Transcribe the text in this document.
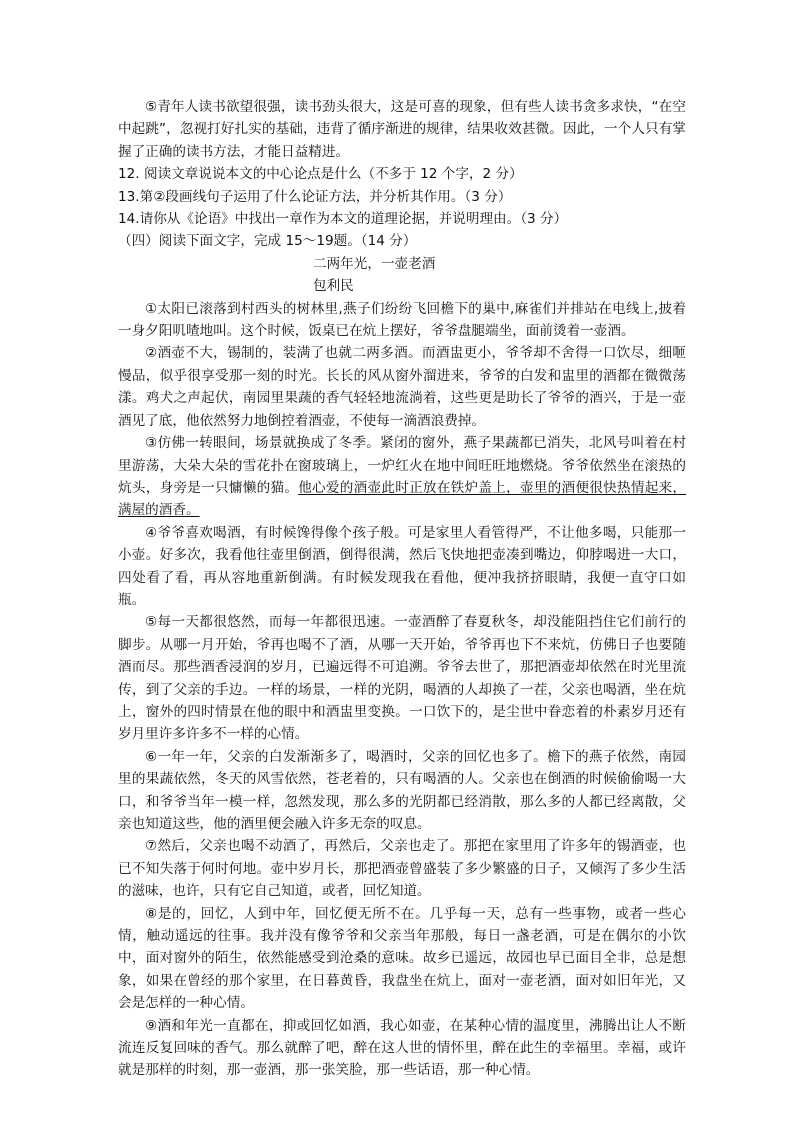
⑤青年人读书欲望很强，读书劲头很大，这是可喜的现象，但有些人读书贪多求快，“在空中起跳”，忽视打好扎实的基础，违背了循序渐进的规律，结果收效甚微。因此，一个人只有掌握了正确的读书方法，才能日益精进。

12. 阅读文章说说本文的中心论点是什么（不多于 12 个字，2 分）

13.第②段画线句子运用了什么论证方法，并分析其作用。（3 分）

14.请你从《论语》中找出一章作为本文的道理论据，并说明理由。（3 分）

（四）阅读下面文字，完成 15～19题。（14 分）

二两年光，一壶老酒

包利民

①太阳已滚落到村西头的树林里,燕子们纷纷飞回檐下的巢中,麻雀们并排站在电线上,披着一身夕阳叽喳地叫。这个时候，饭桌已在炕上摆好，爷爷盘腿端坐，面前烫着一壶酒。

②酒壶不大，锡制的，装满了也就二两多酒。而酒盅更小，爷爷却不舍得一口饮尽，细咂慢品，似乎很享受那一刻的时光。长长的风从窗外溜进来，爷爷的白发和盅里的酒都在微微荡漾。鸡犬之声起伏，南园里果蔬的香气轻轻地流淌着，这些更是助长了爷爷的酒兴，于是一壶酒见了底，他依然努力地倒控着酒壶，不使每一滴酒浪费掉。

③仿佛一转眼间，场景就换成了冬季。紧闭的窗外，燕子果蔬都已消失，北风号叫着在村里游荡，大朵大朵的雪花扑在窗玻璃上，一炉红火在地中间旺旺地燃烧。爷爷依然坐在滚热的炕头，身旁是一只慵懒的猫。他心爱的酒壶此时正放在铁炉盖上，壶里的酒便很快热情起来，满屋的酒香。

④爷爷喜欢喝酒，有时候馋得像个孩子般。可是家里人看管得严，不让他多喝，只能那一小壶。好多次，我看他往壶里倒酒，倒得很满，然后飞快地把壶凑到嘴边，仰脖喝进一大口，四处看了看，再从容地重新倒满。有时候发现我在看他，便冲我挤挤眼睛，我便一直守口如瓶。

⑤每一天都很悠然，而每一年都很迅速。一壶酒醉了春夏秋冬，却没能阻挡住它们前行的脚步。从哪一月开始，爷再也喝不了酒，从哪一天开始，爷爷再也下不来炕，仿佛日子也要随酒而尽。那些酒香浸润的岁月，已遍远得不可追溯。爷爷去世了，那把酒壶却依然在时光里流传，到了父亲的手边。一样的场景，一样的光阴，喝酒的人却换了一茬，父亲也喝酒，坐在炕上，窗外的四时情景在他的眼中和酒盅里变换。一口饮下的，是尘世中眷恋着的朴素岁月还有岁月里许多许多不一样的心情。

⑥一年一年，父亲的白发渐渐多了，喝酒时，父亲的回忆也多了。檐下的燕子依然，南园里的果蔬依然，冬天的风雪依然，苍老着的，只有喝酒的人。父亲也在倒酒的时候偷偷喝一大口，和爷爷当年一模一样，忽然发现，那么多的光阴都已经消散，那么多的人都已经离散，父亲也知道这些，他的酒里便会融入许多无奈的叹息。

⑦然后，父亲也喝不动酒了，再然后，父亲也走了。那把在家里用了许多年的锡酒壶，也已不知失落于何时何地。壶中岁月长，那把酒壶曾盛装了多少繁盛的日子，又倾泻了多少生活的滋味，也许，只有它自己知道，或者，回忆知道。

⑧是的，回忆，人到中年，回忆便无所不在。几乎每一天，总有一些事物，或者一些心情，触动遥远的往事。我并没有像爷爷和父亲当年那般，每日一盏老酒，可是在偶尔的小饮中，面对窗外的陌生，依然能感受到沧桑的意味。故乡已遥远，故园也早已面目全非，总是想象，如果在曾经的那个家里，在日暮黄昏，我盘坐在炕上，面对一壶老酒，面对如旧年光，又会是怎样的一种心情。

⑨酒和年光一直都在，抑或回忆如酒，我心如壶，在某种心情的温度里，沸腾出让人不断流连反复回味的香气。那么就醉了吧，醉在这人世的情怀里，醉在此生的幸福里。幸福，或许就是那样的时刻，那一壶酒，那一张笑脸，那一些话语，那一种心情。
